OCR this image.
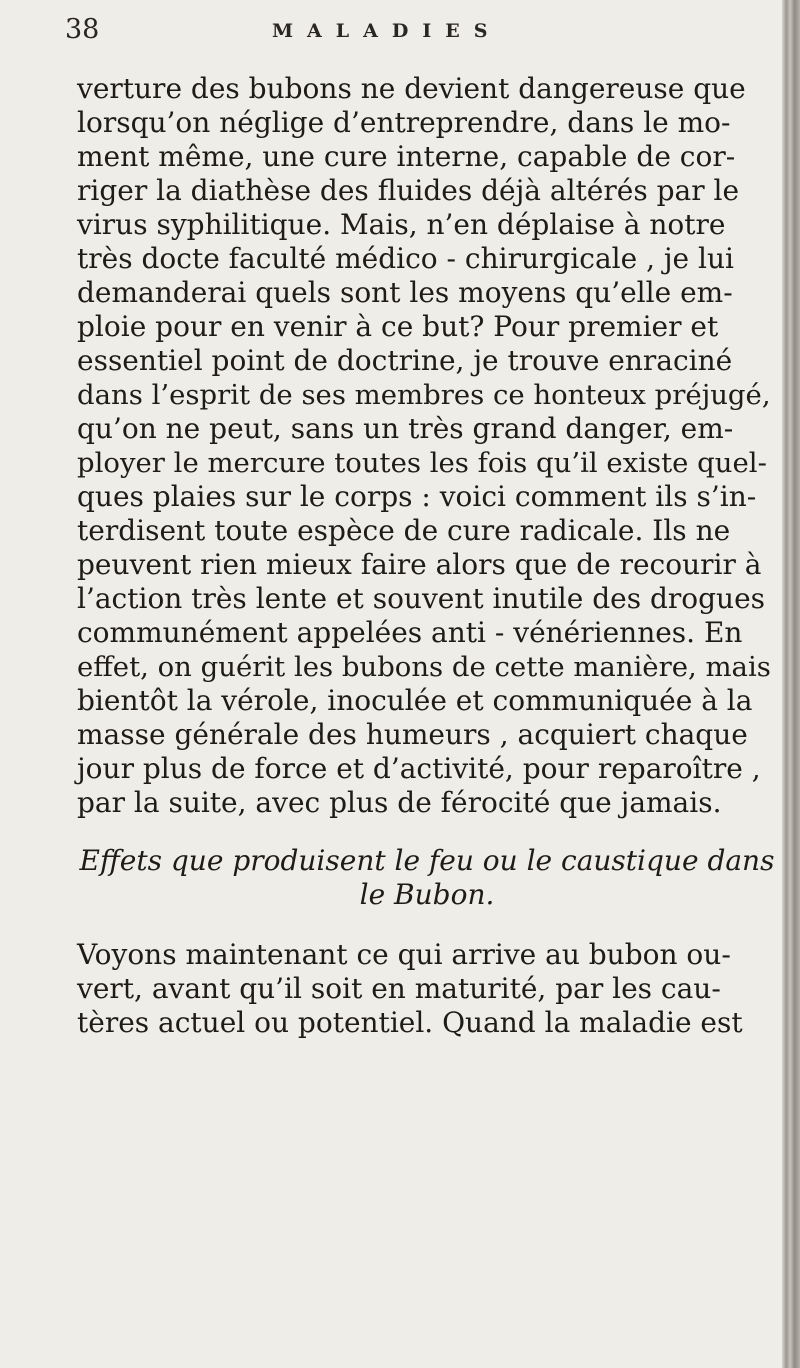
38	MALADIES
verture des bubons ne devient dangereuse que
lorsqu’on néglige d’entreprendre, dans le mo-
ment même, une cure interne, capable de cor-
riger la diathèse des fluides déjà altérés par le
virus syphilitique. Mais, n’en déplaise à notre
très docte faculté médico - chirurgicale , je lui
demanderai quels sont les moyens qu’elle em-
ploie pour en venir à ce but? Pour premier et
essentiel point de doctrine, je trouve enraciné
dans l’esprit de ses membres ce honteux préjugé,
qu’on ne peut, sans un très grand danger, em-
ployer le mercure toutes les fois qu’il existe quel-
ques plaies sur le corps : voici comment ils s’in-
terdisent toute espèce de cure radicale. Ils ne
peuvent rien mieux faire alors que de recourir à
l’action très lente et souvent inutile des drogues
communément appelées anti - vénériennes. En
effet, on guérit les bubons de cette manière, mais
bientôt la vérole, inoculée et communiquée à la
masse générale des humeurs , acquiert chaque
jour plus de force et d’activité, pour reparoître ,
par la suite, avec plus de férocité que jamais.
Effets que produisent le feu ou le caustique dans
le Bubon.
Voyons maintenant ce qui arrive au bubon ou-
vert, avant qu’il soit en maturité, par les cau-
tères actuel ou potentiel. Quand la maladie est
